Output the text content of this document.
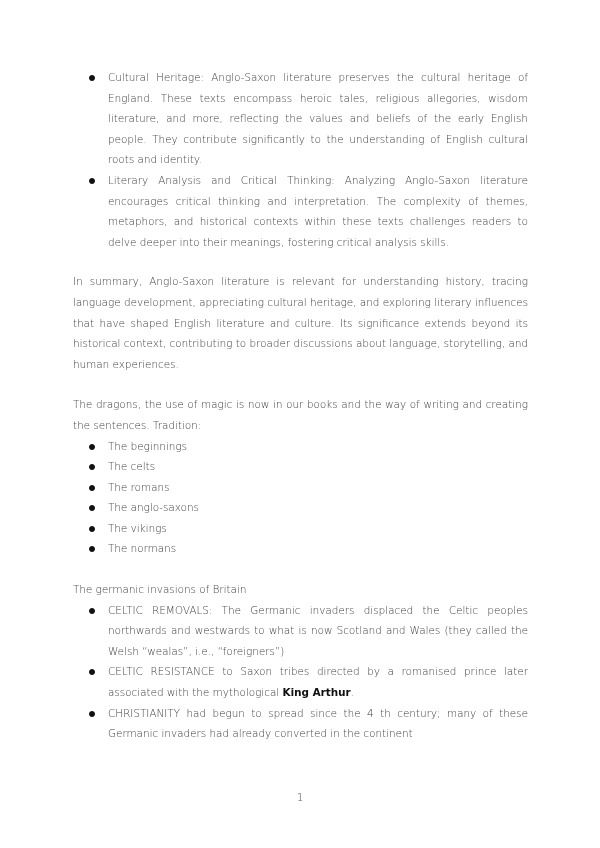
Cultural Heritage: Anglo-Saxon literature preserves the cultural heritage of England. These texts encompass heroic tales, religious allegories, wisdom literature, and more, reflecting the values and beliefs of the early English people. They contribute significantly to the understanding of English cultural roots and identity.
Literary Analysis and Critical Thinking: Analyzing Anglo-Saxon literature encourages critical thinking and interpretation. The complexity of themes, metaphors, and historical contexts within these texts challenges readers to delve deeper into their meanings, fostering critical analysis skills.

In summary, Anglo-Saxon literature is relevant for understanding history, tracing language development, appreciating cultural heritage, and exploring literary influences that have shaped English literature and culture. Its significance extends beyond its historical context, contributing to broader discussions about language, storytelling, and human experiences.

The dragons, the use of magic is now in our books and the way of writing and creating the sentences. Tradition:

The beginnings
The celts
The romans
The anglo-saxons
The vikings
The normans

The germanic invasions of Britain

CELTIC REMOVALS: The Germanic invaders displaced the Celtic peoples northwards and westwards to what is now Scotland and Wales (they called the Welsh “wealas”, i.e., “foreigners”)
CELTIC RESISTANCE to Saxon tribes directed by a romanised prince later associated with the mythological King Arthur.
CHRISTIANITY had begun to spread since the 4 th century; many of these Germanic invaders had already converted in the continent
1
